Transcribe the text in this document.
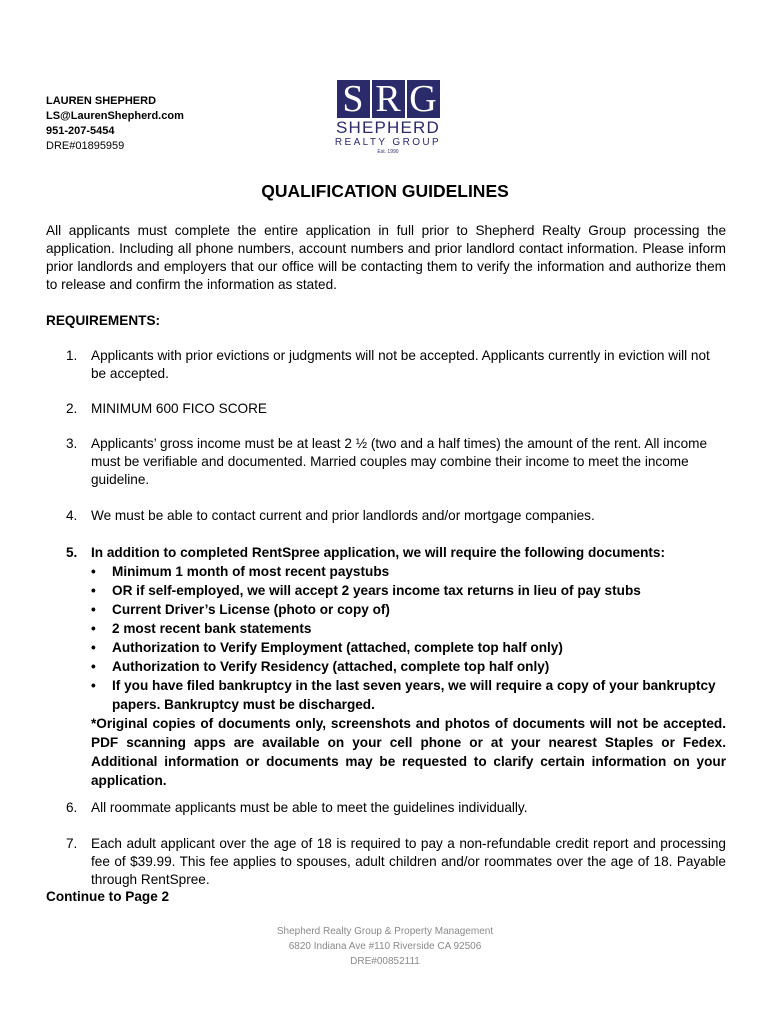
LAUREN SHEPHERD
LS@LaurenShepherd.com
951-207-5454
DRE#01895959
S R G
SHEPHERD
REALTY GROUP
Est. 1990
QUALIFICATION GUIDELINES
All applicants must complete the entire application in full prior to Shepherd Realty Group processing the application. Including all phone numbers, account numbers and prior landlord contact information. Please inform prior landlords and employers that our office will be contacting them to verify the information and authorize them to release and confirm the information as stated.
REQUIREMENTS:
1. Applicants with prior evictions or judgments will not be accepted. Applicants currently in eviction will not be accepted.
2. MINIMUM 600 FICO SCORE
3. Applicants’ gross income must be at least 2 ½ (two and a half times) the amount of the rent. All income must be verifiable and documented. Married couples may combine their income to meet the income guideline.
4. We must be able to contact current and prior landlords and/or mortgage companies.
5. In addition to completed RentSpree application, we will require the following documents:
• Minimum 1 month of most recent paystubs
• OR if self-employed, we will accept 2 years income tax returns in lieu of pay stubs
• Current Driver’s License (photo or copy of)
• 2 most recent bank statements
• Authorization to Verify Employment (attached, complete top half only)
• Authorization to Verify Residency (attached, complete top half only)
• If you have filed bankruptcy in the last seven years, we will require a copy of your bankruptcy papers. Bankruptcy must be discharged.
*Original copies of documents only, screenshots and photos of documents will not be accepted. PDF scanning apps are available on your cell phone or at your nearest Staples or Fedex. Additional information or documents may be requested to clarify certain information on your application.
6. All roommate applicants must be able to meet the guidelines individually.
7. Each adult applicant over the age of 18 is required to pay a non-refundable credit report and processing fee of $39.99. This fee applies to spouses, adult children and/or roommates over the age of 18. Payable through RentSpree.
Continue to Page 2
Shepherd Realty Group & Property Management
6820 Indiana Ave #110 Riverside CA 92506
DRE#00852111
